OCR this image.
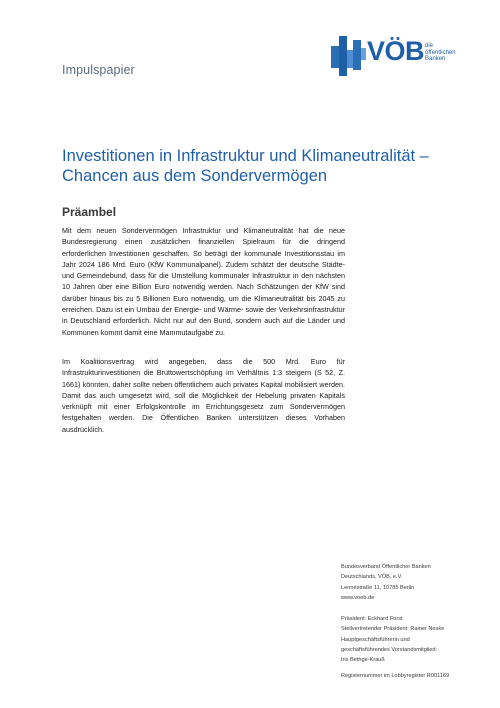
Impulspapier
VÖB die
öffentlichen
Banken
Investitionen in Infrastruktur und Klimaneutralität –
Chancen aus dem Sondervermögen
Präambel

Mit dem neuen Sondervermögen Infrastruktur und Klimaneutralität hat die neue Bundesregierung einen zusätzlichen finanziellen Spielraum für die dringend erforderlichen Investitionen geschaffen. So beträgt der kommunale Investitionsstau im Jahr 2024 186 Mrd. Euro (KfW Kommunalpanel). Zudem schätzt der deutsche Städte- und Gemeindebund, dass für die Umstellung kommunaler Infrastruktur in den nächsten 10 Jahren über eine Billion Euro notwendig werden. Nach Schätzungen der KfW sind darüber hinaus bis zu 5 Billionen Euro notwendig, um die Klimaneutralität bis 2045 zu erreichen. Dazu ist ein Umbau der Energie- und Wärme- sowie der Verkehrsinfrastruktur in Deutschland erforderlich. Nicht nur auf den Bund, sondern auch auf die Länder und Kommunen kommt damit eine Mammutaufgabe zu.

Im Koalitionsvertrag wird angegeben, dass die 500 Mrd. Euro für Infrastrukturinvestitionen die Bruttowertschöpfung im Verhältnis 1:3 steigern (S 52, Z. 1661) könnten, daher sollte neben öffentlichem auch privates Kapital mobilisiert werden. Damit das auch umgesetzt wird, soll die Möglichkeit der Hebelung privaten Kapitals verknüpft mit einer Erfolgskontrolle im Errichtungsgesetz zum Sondervermögen festgehalten werden. Die Öffentlichen Banken unterstützen dieses Vorhaben ausdrücklich.

Bundesverband Öffentlicher Banken
Deutschlands, VÖB, e.V.
Lennéstraße 11, 10785 Berlin
www.voeb.de
Präsident: Eckhard Forst
Stellvertretender Präsident: Rainer Neske
Hauptgeschäftsführerin und
geschäftsführendes Vorstandsmitglied:
Iris Bethge-Krauß
Registernummer im Lobbyregister R001169
